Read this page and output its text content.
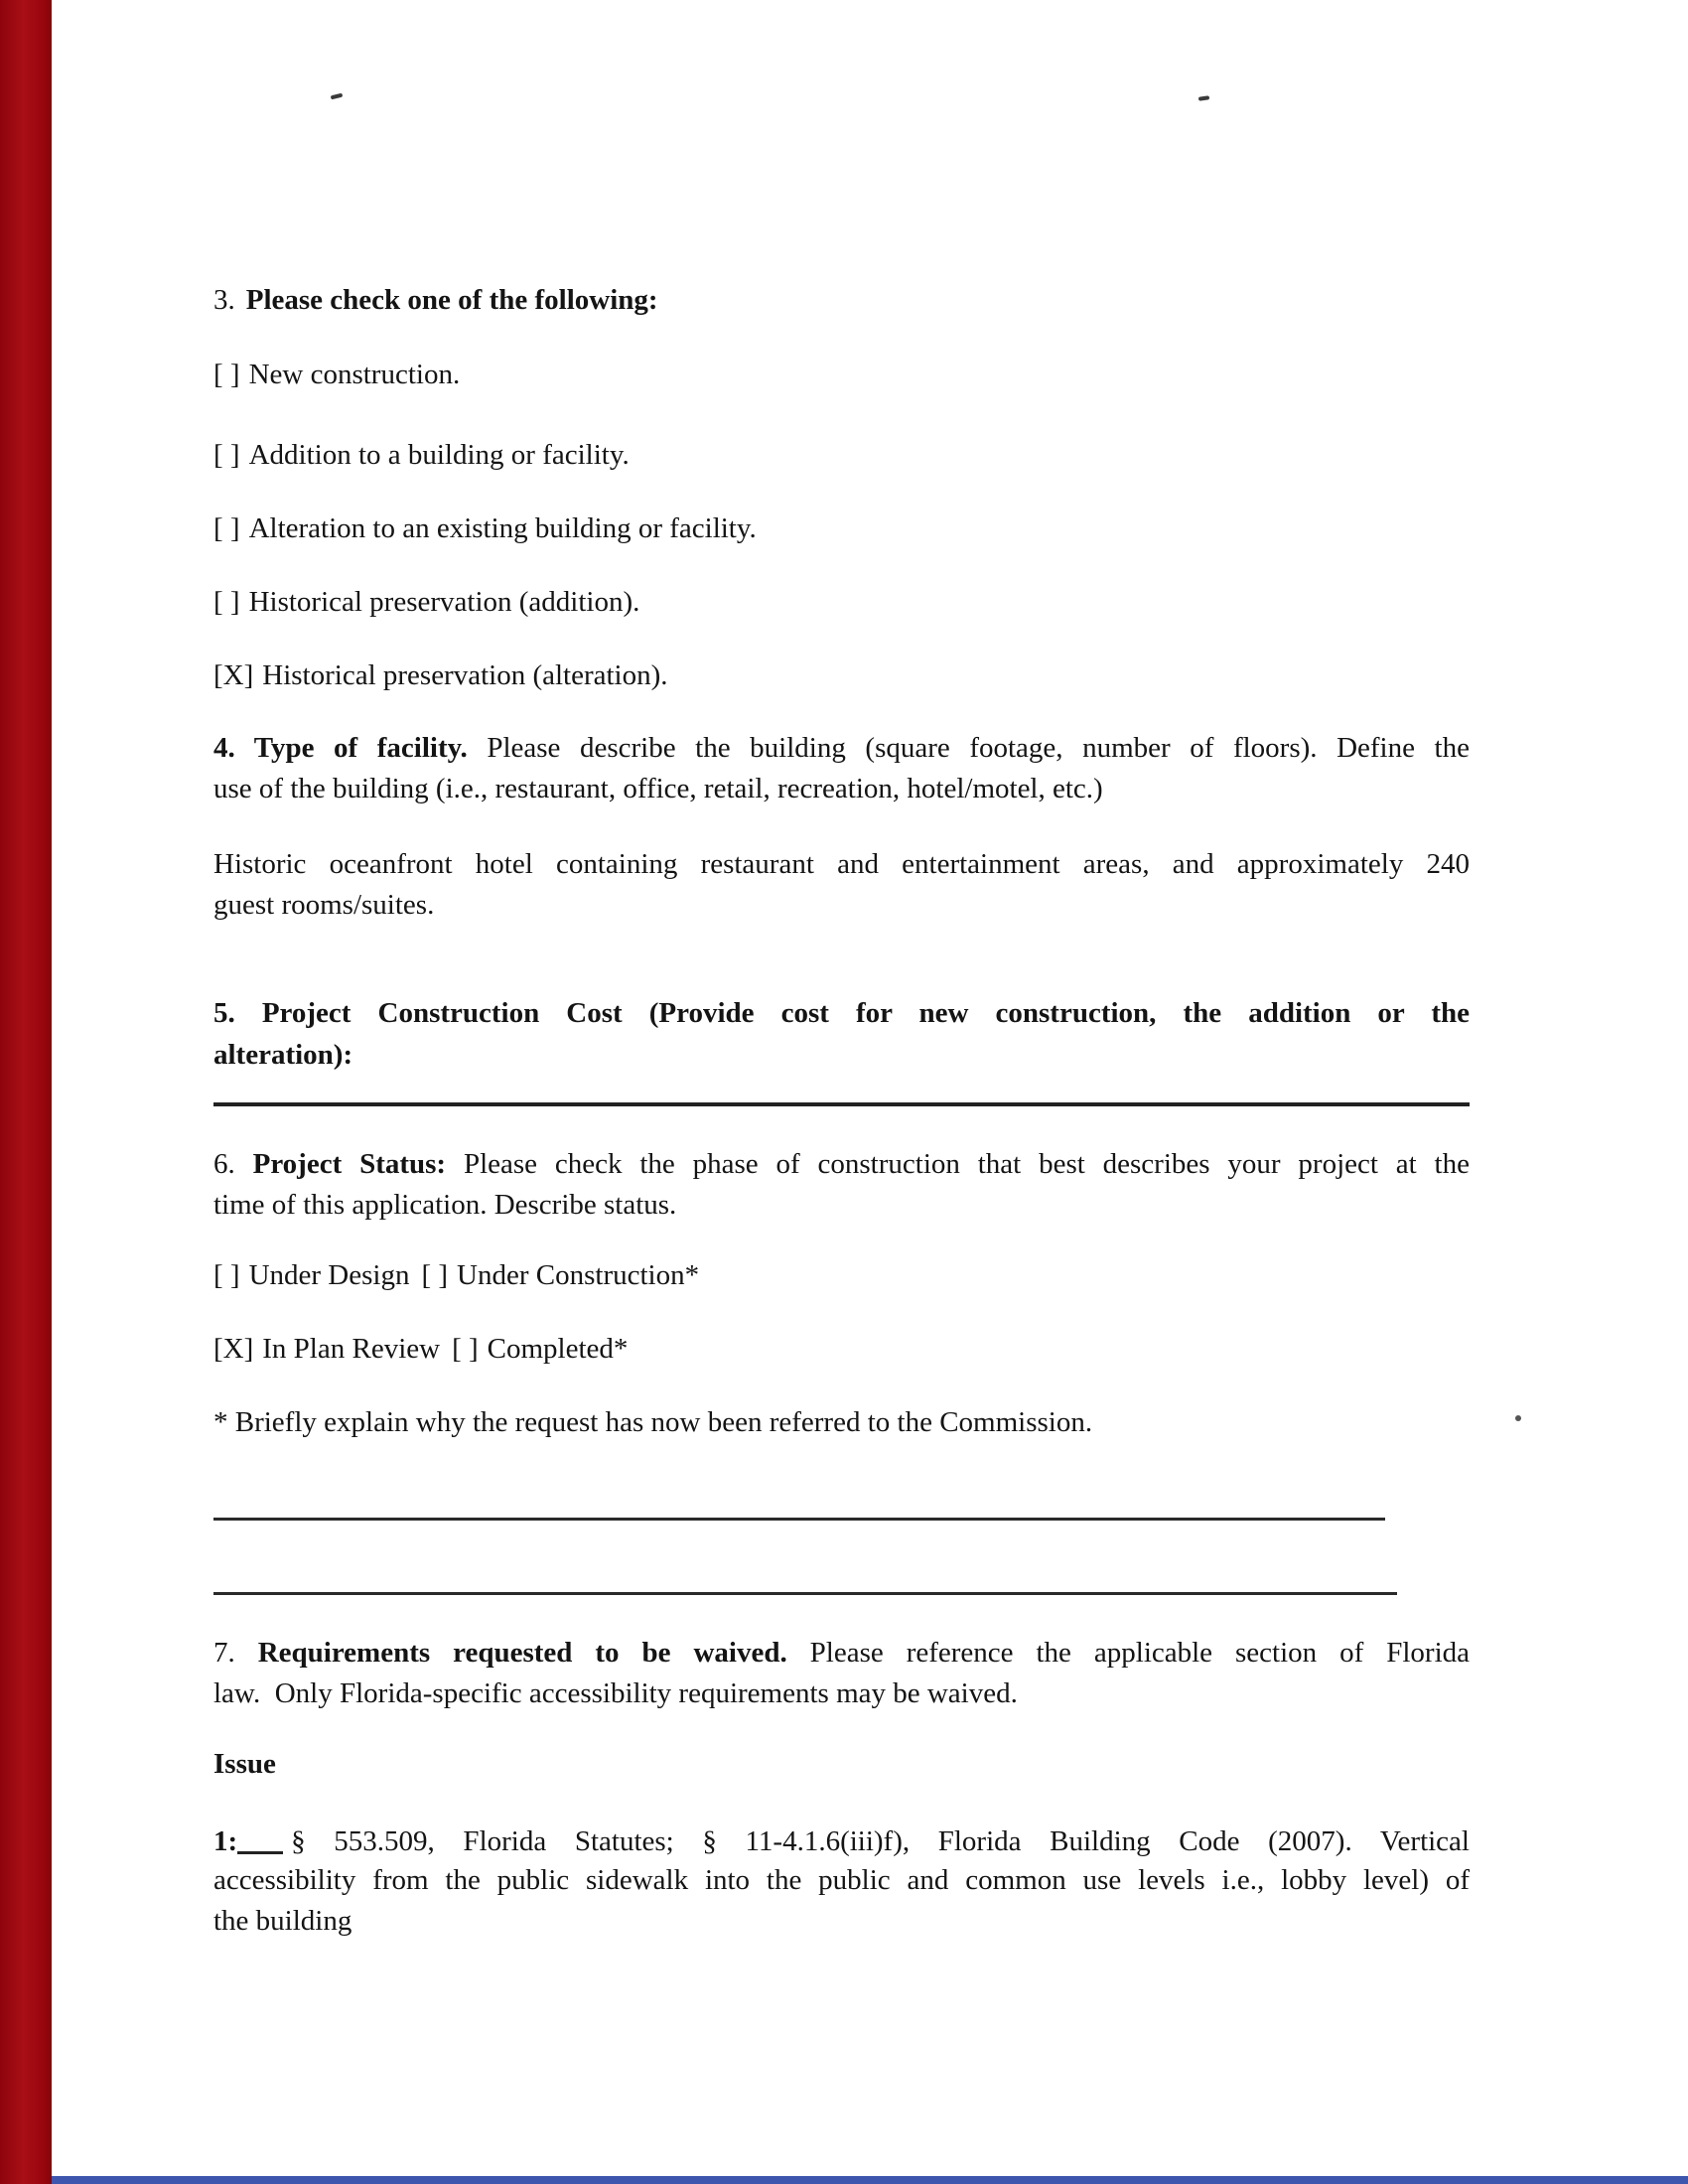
3. Please check one of the following:
[ ] New construction.
[ ] Addition to a building or facility.
[ ] Alteration to an existing building or facility.
[ ] Historical preservation (addition).
[X] Historical preservation (alteration).
4. Type of facility. Please describe the building (square footage, number of floors). Define the
use of the building (i.e., restaurant, office, retail, recreation, hotel/motel, etc.)
Historic oceanfront hotel containing restaurant and entertainment areas, and approximately 240
guest rooms/suites.
5. Project Construction Cost (Provide cost for new construction, the addition or the
alteration):
6. Project Status: Please check the phase of construction that best describes your project at the
time of this application. Describe status.
[ ] Under Design [ ] Under Construction*
[X] In Plan Review [ ] Completed*
* Briefly explain why the request has now been referred to the Commission.
7. Requirements requested to be waived. Please reference the applicable section of Florida
law.  Only Florida-specific accessibility requirements may be waived.
Issue
1: § 553.509, Florida Statutes; § 11-4.1.6(iii)f), Florida Building Code (2007). Vertical
accessibility from the public sidewalk into the public and common use levels i.e., lobby level) of
the building
